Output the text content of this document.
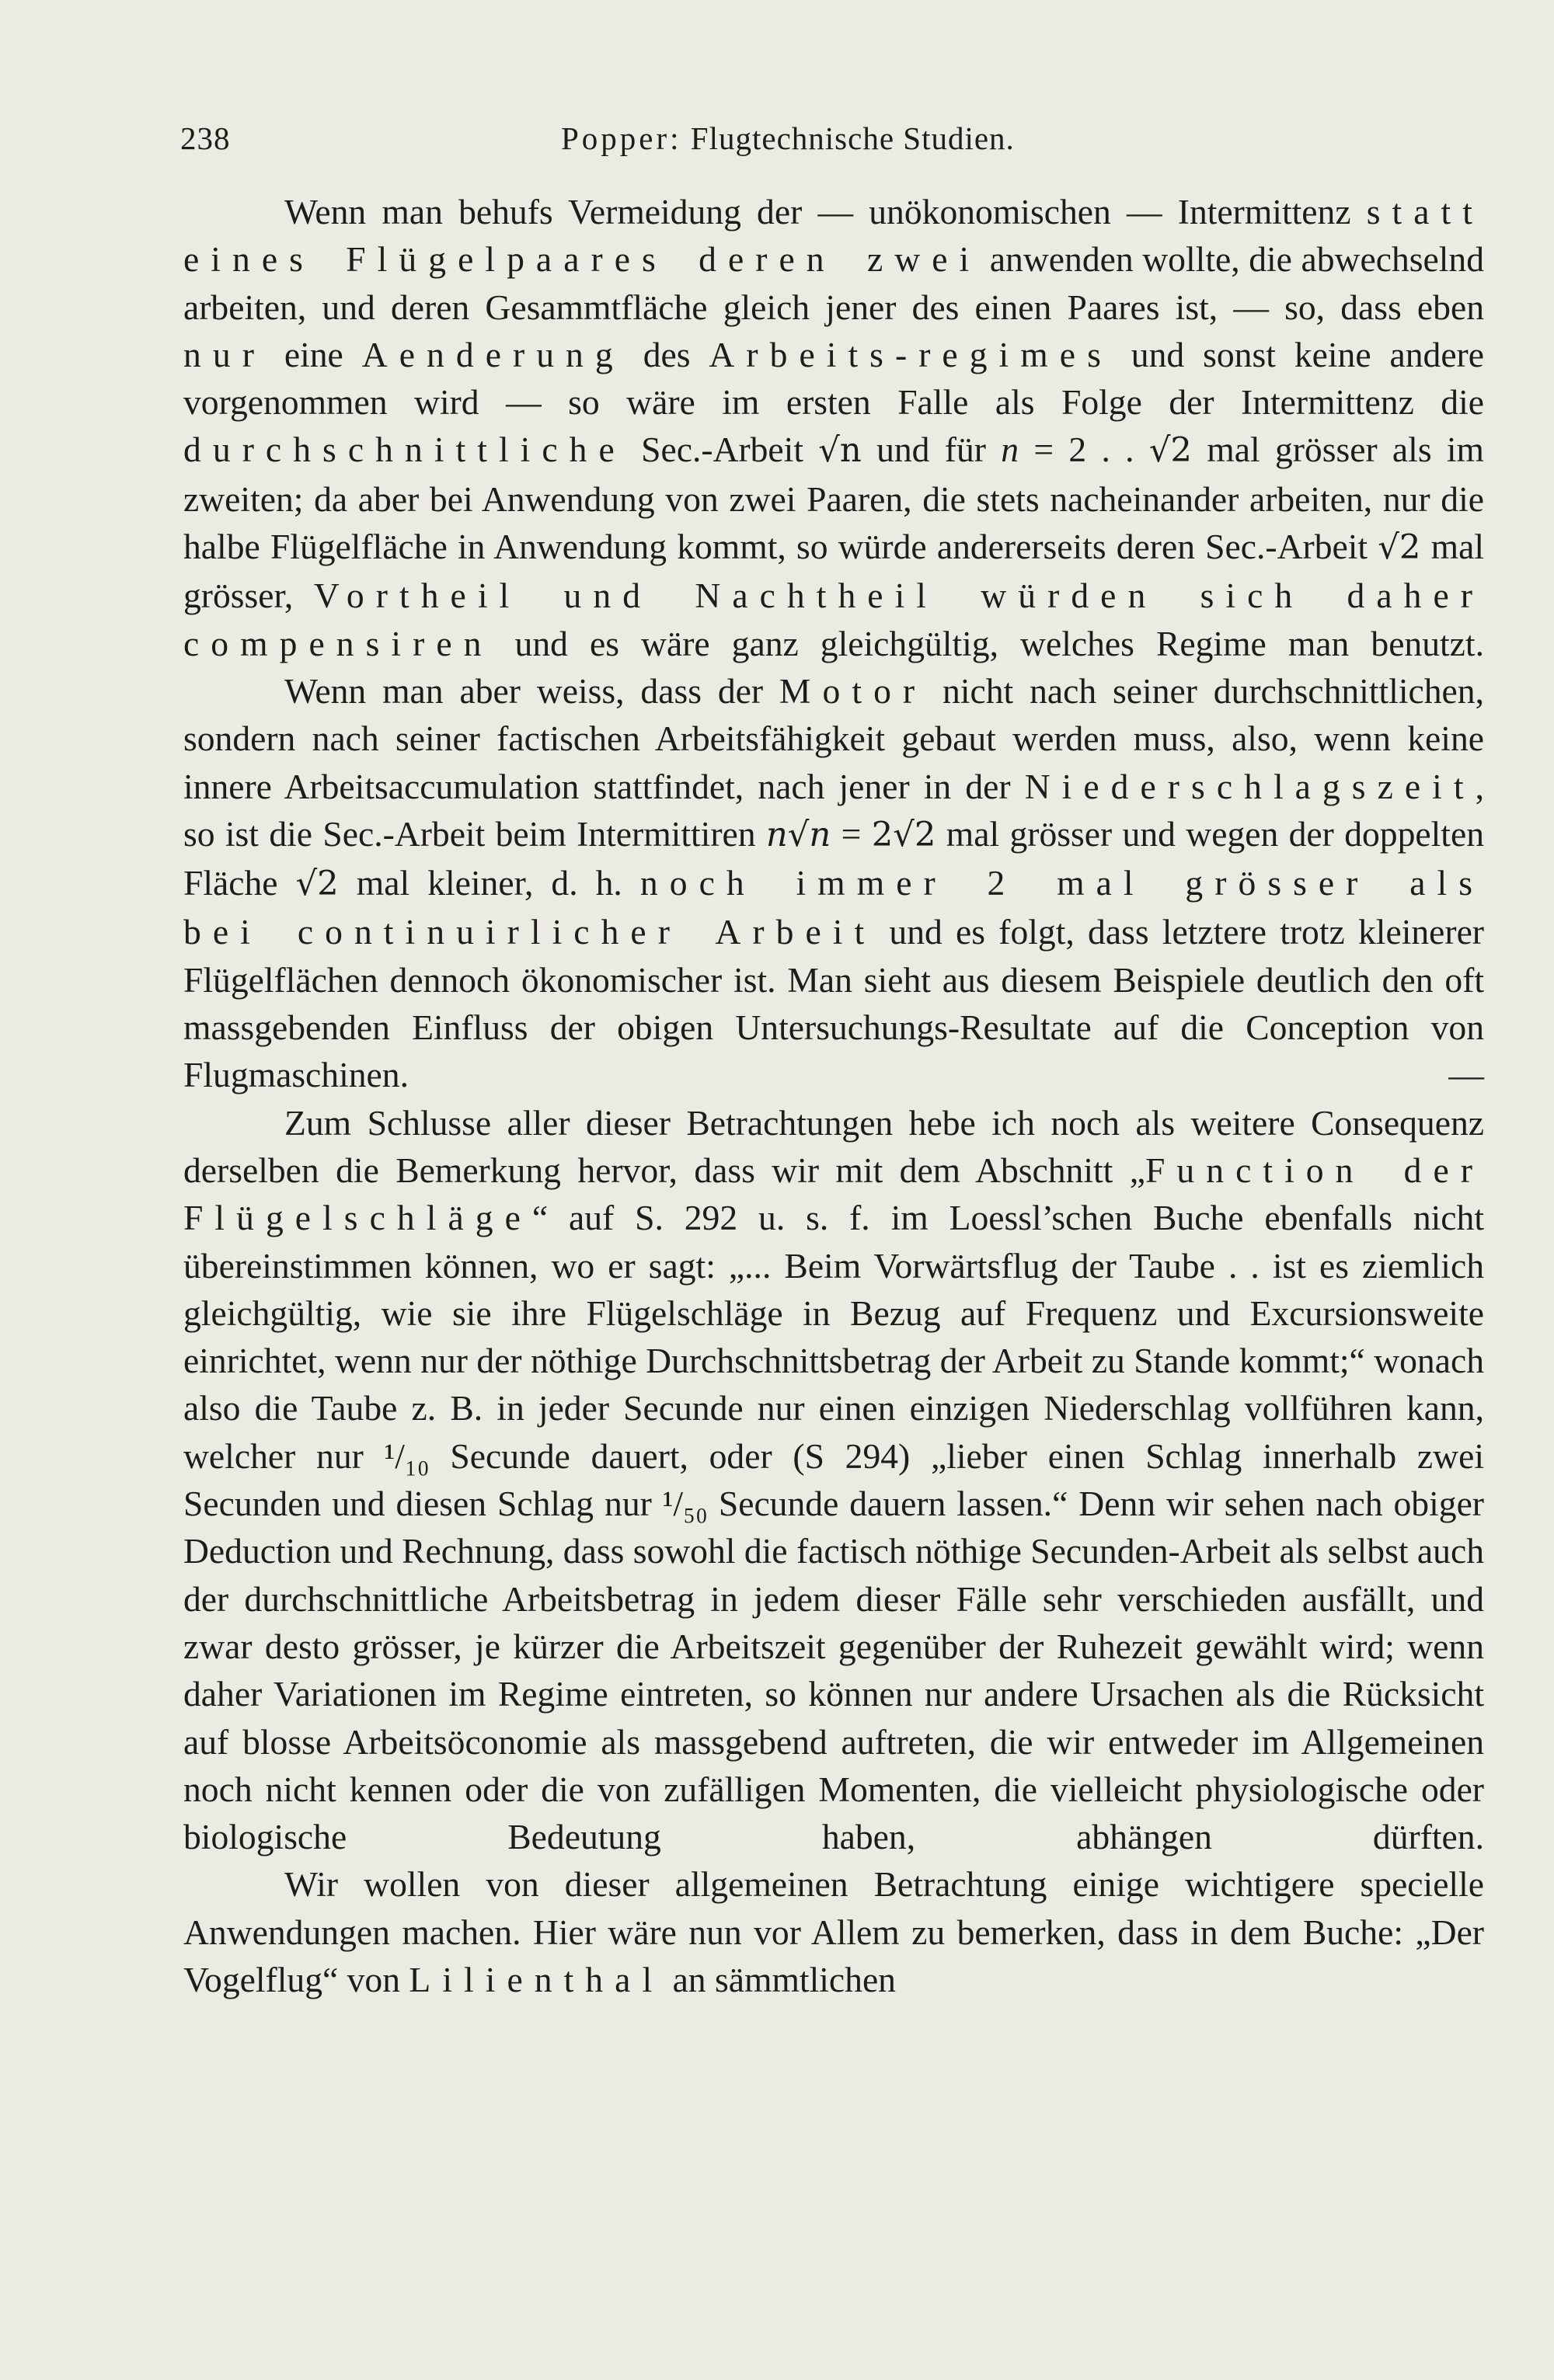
238	Popper: Flugtechnische Studien.

Wenn man behufs Vermeidung der — unökonomischen — Intermittenz statt eines Flügelpaares deren zwei anwenden wollte, die abwechselnd arbeiten, und deren Gesammtfläche gleich jener des einen Paares ist, — so, dass eben nur eine Aenderung des Arbeits-regimes und sonst keine andere vorgenommen wird — so wäre im ersten Falle als Folge der Intermittenz die durchschnittliche Sec.-Arbeit √n und für n = 2 . . √2 mal grösser als im zweiten; da aber bei Anwendung von zwei Paaren, die stets nacheinander arbeiten, nur die halbe Flügelfläche in Anwendung kommt, so würde andererseits deren Sec.-Arbeit √2 mal grösser, Vortheil und Nachtheil würden sich daher compensiren und es wäre ganz gleichgültig, welches Regime man benutzt.

Wenn man aber weiss, dass der Motor nicht nach seiner durchschnittlichen, sondern nach seiner factischen Arbeitsfähigkeit gebaut werden muss, also, wenn keine innere Arbeitsaccumulation stattfindet, nach jener in der Niederschlagszeit, so ist die Sec.-Arbeit beim Intermittiren n√n = 2√2 mal grösser und wegen der doppelten Fläche √2 mal kleiner, d. h. noch immer 2 mal grösser als bei continuirlicher Arbeit und es folgt, dass letztere trotz kleinerer Flügelflächen dennoch ökonomischer ist. Man sieht aus diesem Beispiele deutlich den oft massgebenden Einfluss der obigen Untersuchungs-Resultate auf die Conception von Flugmaschinen. —

Zum Schlusse aller dieser Betrachtungen hebe ich noch als weitere Consequenz derselben die Bemerkung hervor, dass wir mit dem Abschnitt „Function der Flügelschläge“ auf S. 292 u. s. f. im Loessl’schen Buche ebenfalls nicht übereinstimmen können, wo er sagt: „... Beim Vorwärtsflug der Taube . . ist es ziemlich gleichgültig, wie sie ihre Flügelschläge in Bezug auf Frequenz und Excursionsweite einrichtet, wenn nur der nöthige Durchschnittsbetrag der Arbeit zu Stande kommt;“ wonach also die Taube z. B. in jeder Secunde nur einen einzigen Niederschlag vollführen kann, welcher nur ¹/₁₀ Secunde dauert, oder (S 294) „lieber einen Schlag innerhalb zwei Secunden und diesen Schlag nur ¹/₅₀ Secunde dauern lassen.“ Denn wir sehen nach obiger Deduction und Rechnung, dass sowohl die factisch nöthige Secunden-Arbeit als selbst auch der durchschnittliche Arbeitsbetrag in jedem dieser Fälle sehr verschieden ausfällt, und zwar desto grösser, je kürzer die Arbeitszeit gegenüber der Ruhezeit gewählt wird; wenn daher Variationen im Regime eintreten, so können nur andere Ursachen als die Rücksicht auf blosse Arbeitsöconomie als massgebend auftreten, die wir entweder im Allgemeinen noch nicht kennen oder die von zufälligen Momenten, die vielleicht physiologische oder biologische Bedeutung haben, abhängen dürften.

Wir wollen von dieser allgemeinen Betrachtung einige wichtigere specielle Anwendungen machen. Hier wäre nun vor Allem zu bemerken, dass in dem Buche: „Der Vogelflug“ von Lilienthal an sämmtlichen
